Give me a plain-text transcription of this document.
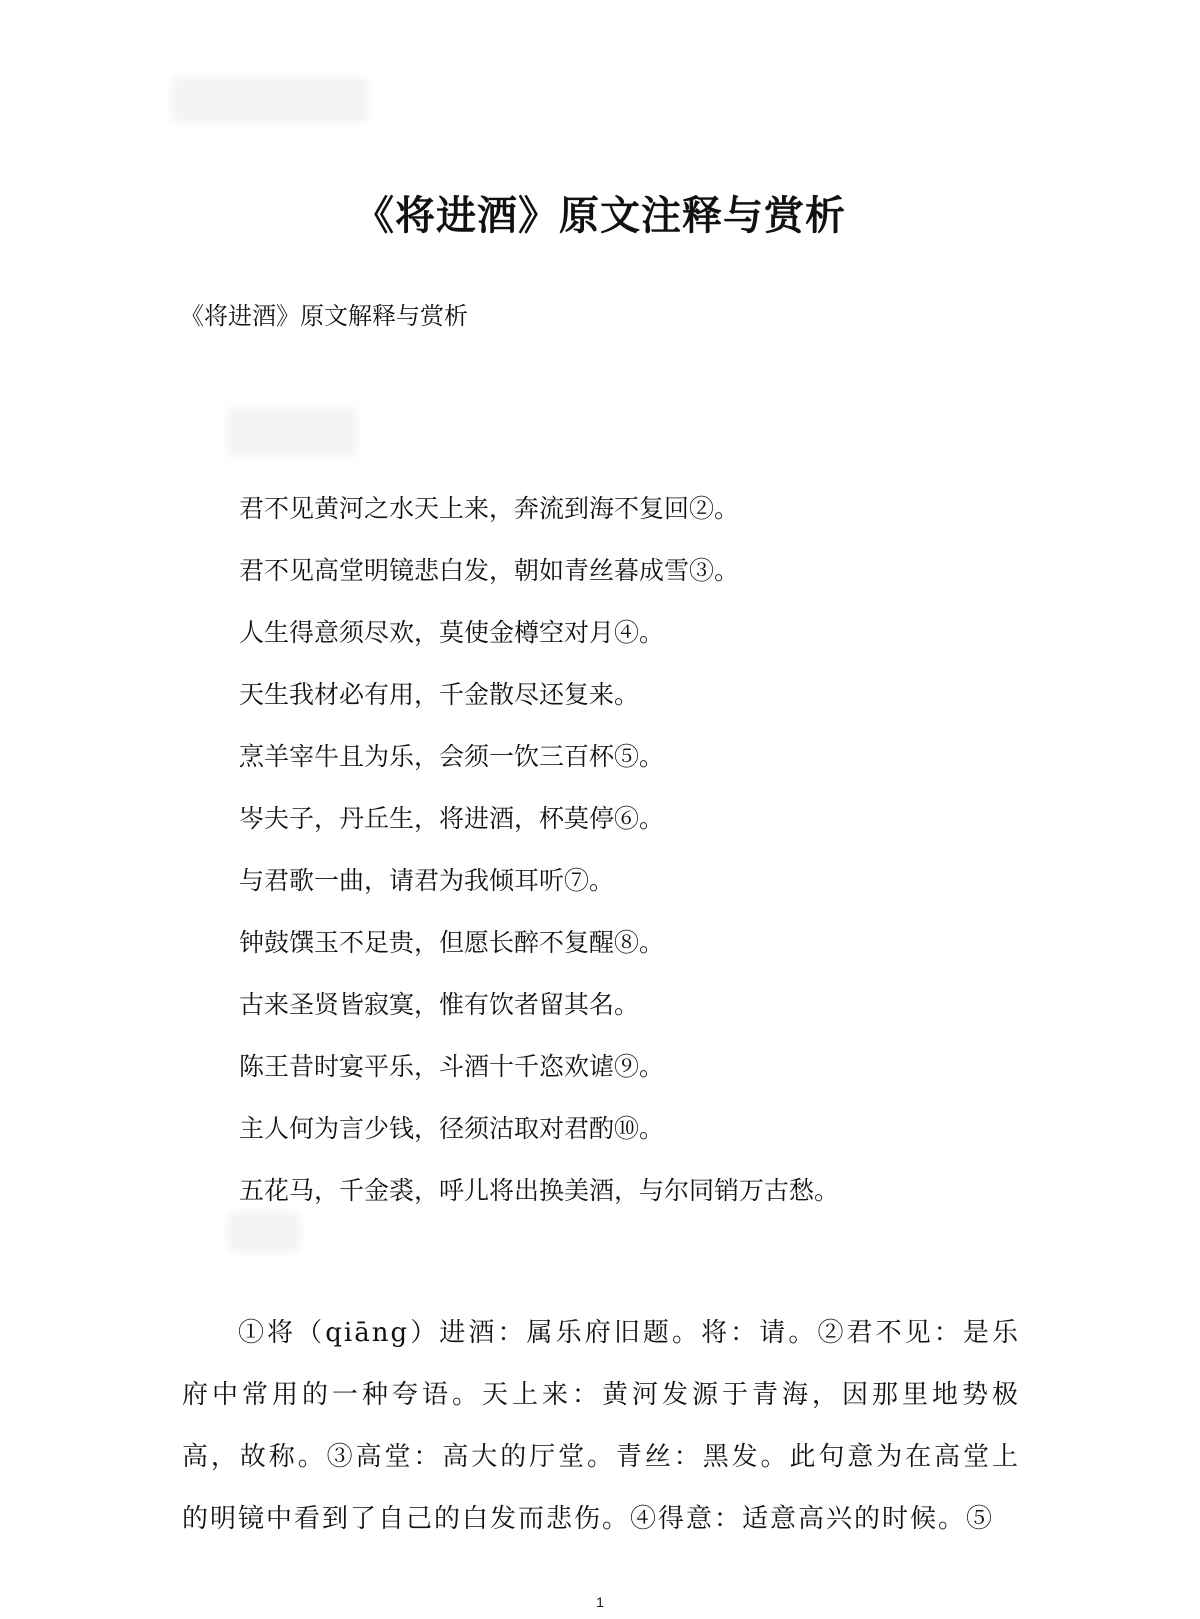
《将进酒》原文注释与赏析
《将进酒》原文解释与赏析
君不见黄河之水天上来，奔流到海不复回②。
君不见高堂明镜悲白发，朝如青丝暮成雪③。
人生得意须尽欢，莫使金樽空对月④。
天生我材必有用，千金散尽还复来。
烹羊宰牛且为乐，会须一饮三百杯⑤。
岑夫子，丹丘生，将进酒，杯莫停⑥。
与君歌一曲，请君为我倾耳听⑦。
钟鼓馔玉不足贵，但愿长醉不复醒⑧。
古来圣贤皆寂寞，惟有饮者留其名。
陈王昔时宴平乐，斗酒十千恣欢谑⑨。
主人何为言少钱，径须沽取对君酌⑩。
五花马，千金裘，呼儿将出换美酒，与尔同销万古愁。

①将（qiāng）进酒：属乐府旧题。将：请。②君不见：是乐府中常用的一种夸语。天上来：黄河发源于青海，因那里地势极高，故称。③高堂：高大的厅堂。青丝：黑发。此句意为在高堂上的明镜中看到了自己的白发而悲伤。④得意：适意高兴的时候。⑤

1
